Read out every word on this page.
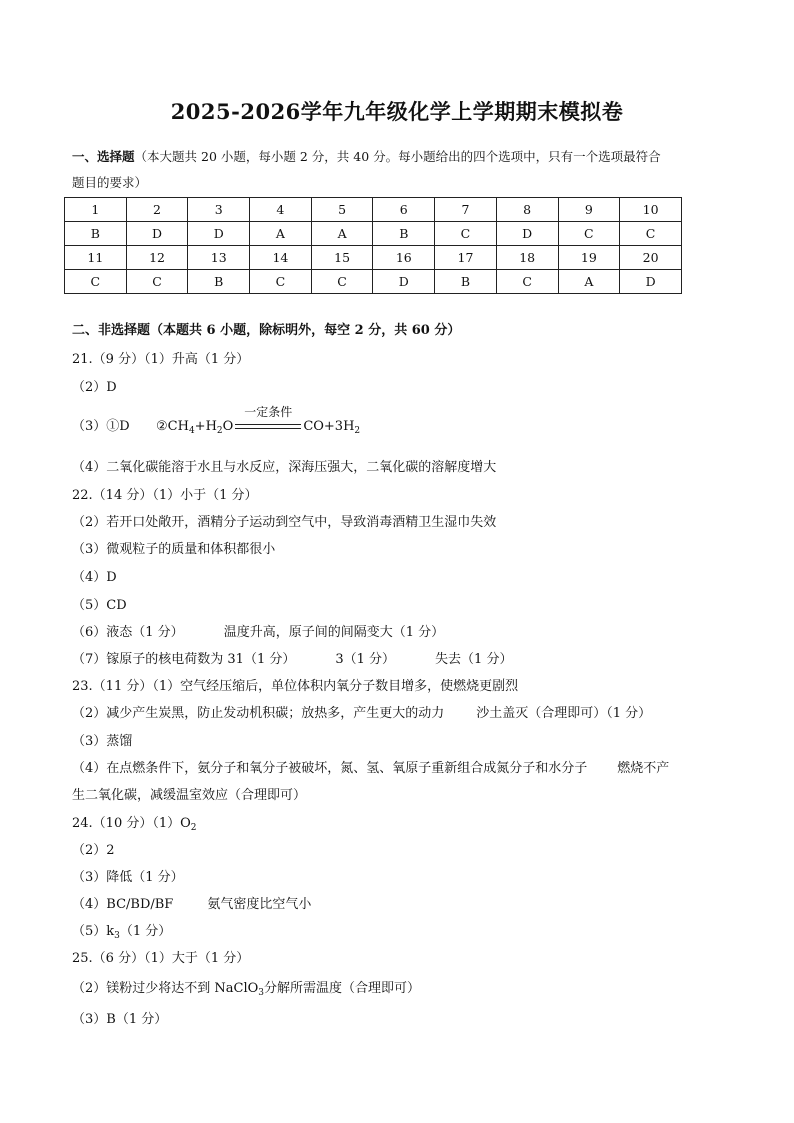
2025-2026学年九年级化学上学期期末模拟卷
一、选择题（本大题共 20 小题，每小题 2 分，共 40 分。每小题给出的四个选项中，只有一个选项最符合
题目的要求）
1	2	3	4	5	6	7	8	9	10
B	D	D	A	A	B	C	D	C	C
11	12	13	14	15	16	17	18	19	20
C	C	B	C	C	D	B	C	A	D
二、非选择题（本题共 6 小题，除标明外，每空 2 分，共 60 分）
21.（9 分）（1）升高（1 分）
（2）D
（3）①D $②CH_4+H_2O$
一定条件
$CO+3H_2$
（4）二氧化碳能溶于水且与水反应，深海压强大，二氧化碳的溶解度增大
22.（14 分）（1）小于（1 分）
（2）若开口处敞开，酒精分子运动到空气中，导致消毒酒精卫生湿巾失效
（3）微观粒子的质量和体积都很小
（4）D
（5）CD
（6）液态（1 分）	温度升高，原子间的间隔变大（1 分）
（7）镓原子的核电荷数为 31（1 分）	3（1 分）	失去（1 分）
23.（11 分）（1）空气经压缩后，单位体积内氧分子数目增多，使燃烧更剧烈
（2）减少产生炭黑，防止发动机积碳；放热多，产生更大的动力 沙土盖灭（合理即可）（1 分）
（3）蒸馏
（4）在点燃条件下，氨分子和氧分子被破坏，氮、氢、氧原子重新组合成氮分子和水分子 燃烧不产
生二氧化碳，减缓温室效应（合理即可）
24.（10 分）$(1)O_2$
（2）2
（3）降低（1 分）
（4）BC/BD/BF	氨气密度比空气小
$(5)k_3(1$ 分）
25.（6 分）（1）大于（1 分）
（2）镁粉过少将达不到 NaClO$_3$分解所需温度（合理即可）
（3）B（1 分）
